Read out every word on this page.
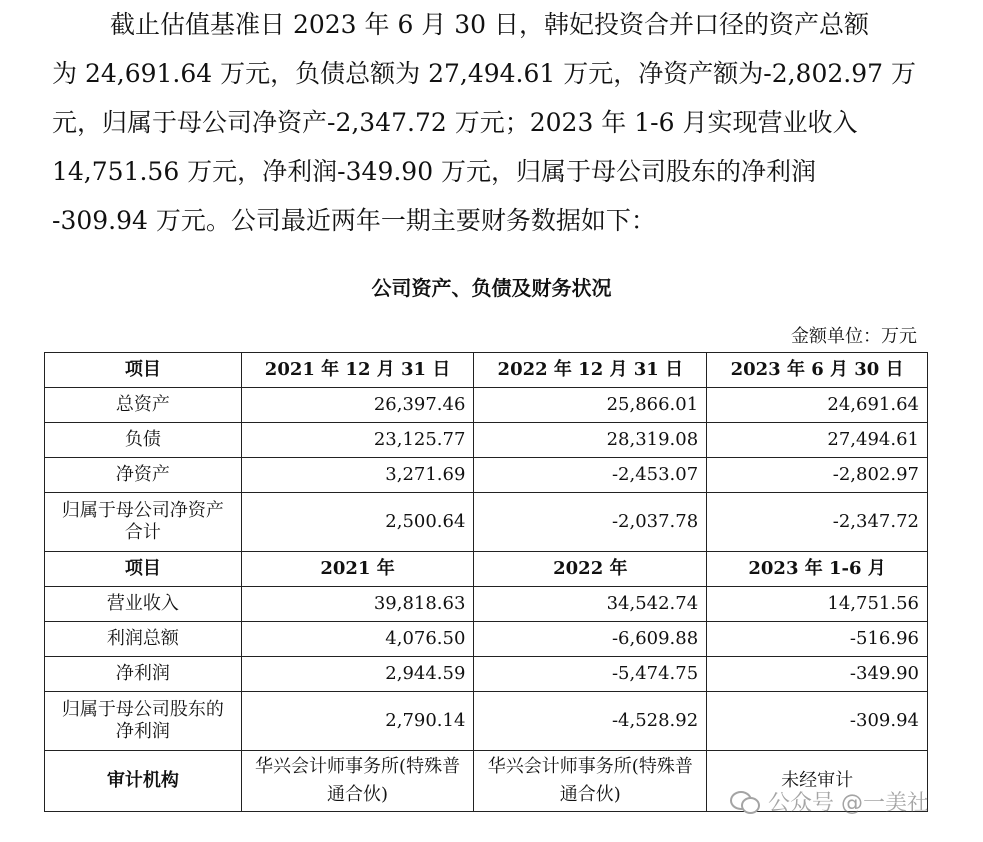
截止估值基准日 2023 年 6 月 30 日，韩妃投资合并口径的资产总额

为 24,691.64 万元，负债总额为 27,494.61 万元，净资产额为-2,802.97 万

元，归属于母公司净资产-2,347.72 万元；2023 年 1-6 月实现营业收入

14,751.56 万元，净利润-349.90 万元，归属于母公司股东的净利润

-309.94 万元。公司最近两年一期主要财务数据如下：

公司资产、负债及财务状况
金额单位：万元
项目	2021 年 12 月 31 日	2022 年 12 月 31 日	2023 年 6 月 30 日
总资产	26,397.46	25,866.01	24,691.64
负债	23,125.77	28,319.08	27,494.61
净资产	3,271.69	-2,453.07	-2,802.97
归属于母公司净资产合计	2,500.64	-2,037.78	-2,347.72
项目	2021 年	2022 年	2023 年 1-6 月
营业收入	39,818.63	34,542.74	14,751.56
利润总额	4,076.50	-6,609.88	-516.96
净利润	2,944.59	-5,474.75	-349.90
归属于母公司股东的净利润	2,790.14	-4,528.92	-309.94
审计机构	华兴会计师事务所(特殊普通合伙)	华兴会计师事务所(特殊普通合伙)	未经审计
公众号 @一美社
